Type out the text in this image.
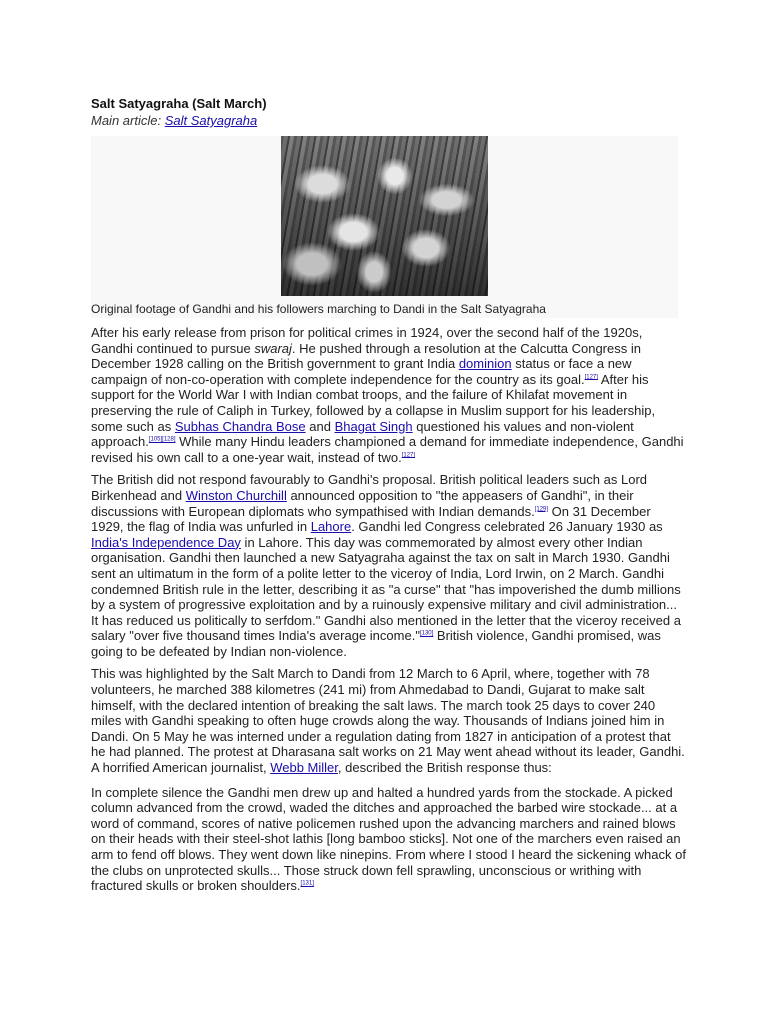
Salt Satyagraha (Salt March)
Main article: Salt Satyagraha
Original footage of Gandhi and his followers marching to Dandi in the Salt Satyagraha

After his early release from prison for political crimes in 1924, over the second half of the 1920s, Gandhi continued to pursue swaraj. He pushed through a resolution at the Calcutta Congress in December 1928 calling on the British government to grant India dominion status or face a new campaign of non-co-operation with complete independence for the country as its goal.[127] After his support for the World War I with Indian combat troops, and the failure of Khilafat movement in preserving the rule of Caliph in Turkey, followed by a collapse in Muslim support for his leadership, some such as Subhas Chandra Bose and Bhagat Singh questioned his values and non-violent approach.[105][128] While many Hindu leaders championed a demand for immediate independence, Gandhi revised his own call to a one-year wait, instead of two.[127]

The British did not respond favourably to Gandhi's proposal. British political leaders such as Lord Birkenhead and Winston Churchill announced opposition to "the appeasers of Gandhi", in their discussions with European diplomats who sympathised with Indian demands.[129] On 31 December 1929, the flag of India was unfurled in Lahore. Gandhi led Congress celebrated 26 January 1930 as India's Independence Day in Lahore. This day was commemorated by almost every other Indian organisation. Gandhi then launched a new Satyagraha against the tax on salt in March 1930. Gandhi sent an ultimatum in the form of a polite letter to the viceroy of India, Lord Irwin, on 2 March. Gandhi condemned British rule in the letter, describing it as "a curse" that "has impoverished the dumb millions by a system of progressive exploitation and by a ruinously expensive military and civil administration... It has reduced us politically to serfdom." Gandhi also mentioned in the letter that the viceroy received a salary "over five thousand times India's average income."[130] British violence, Gandhi promised, was going to be defeated by Indian non-violence.

This was highlighted by the Salt March to Dandi from 12 March to 6 April, where, together with 78 volunteers, he marched 388 kilometres (241 mi) from Ahmedabad to Dandi, Gujarat to make salt himself, with the declared intention of breaking the salt laws. The march took 25 days to cover 240 miles with Gandhi speaking to often huge crowds along the way. Thousands of Indians joined him in Dandi. On 5 May he was interned under a regulation dating from 1827 in anticipation of a protest that he had planned. The protest at Dharasana salt works on 21 May went ahead without its leader, Gandhi. A horrified American journalist, Webb Miller, described the British response thus:

In complete silence the Gandhi men drew up and halted a hundred yards from the stockade. A picked column advanced from the crowd, waded the ditches and approached the barbed wire stockade... at a word of command, scores of native policemen rushed upon the advancing marchers and rained blows on their heads with their steel-shot lathis [long bamboo sticks]. Not one of the marchers even raised an arm to fend off blows. They went down like ninepins. From where I stood I heard the sickening whack of the clubs on unprotected skulls... Those struck down fell sprawling, unconscious or writhing with fractured skulls or broken shoulders.[131]
